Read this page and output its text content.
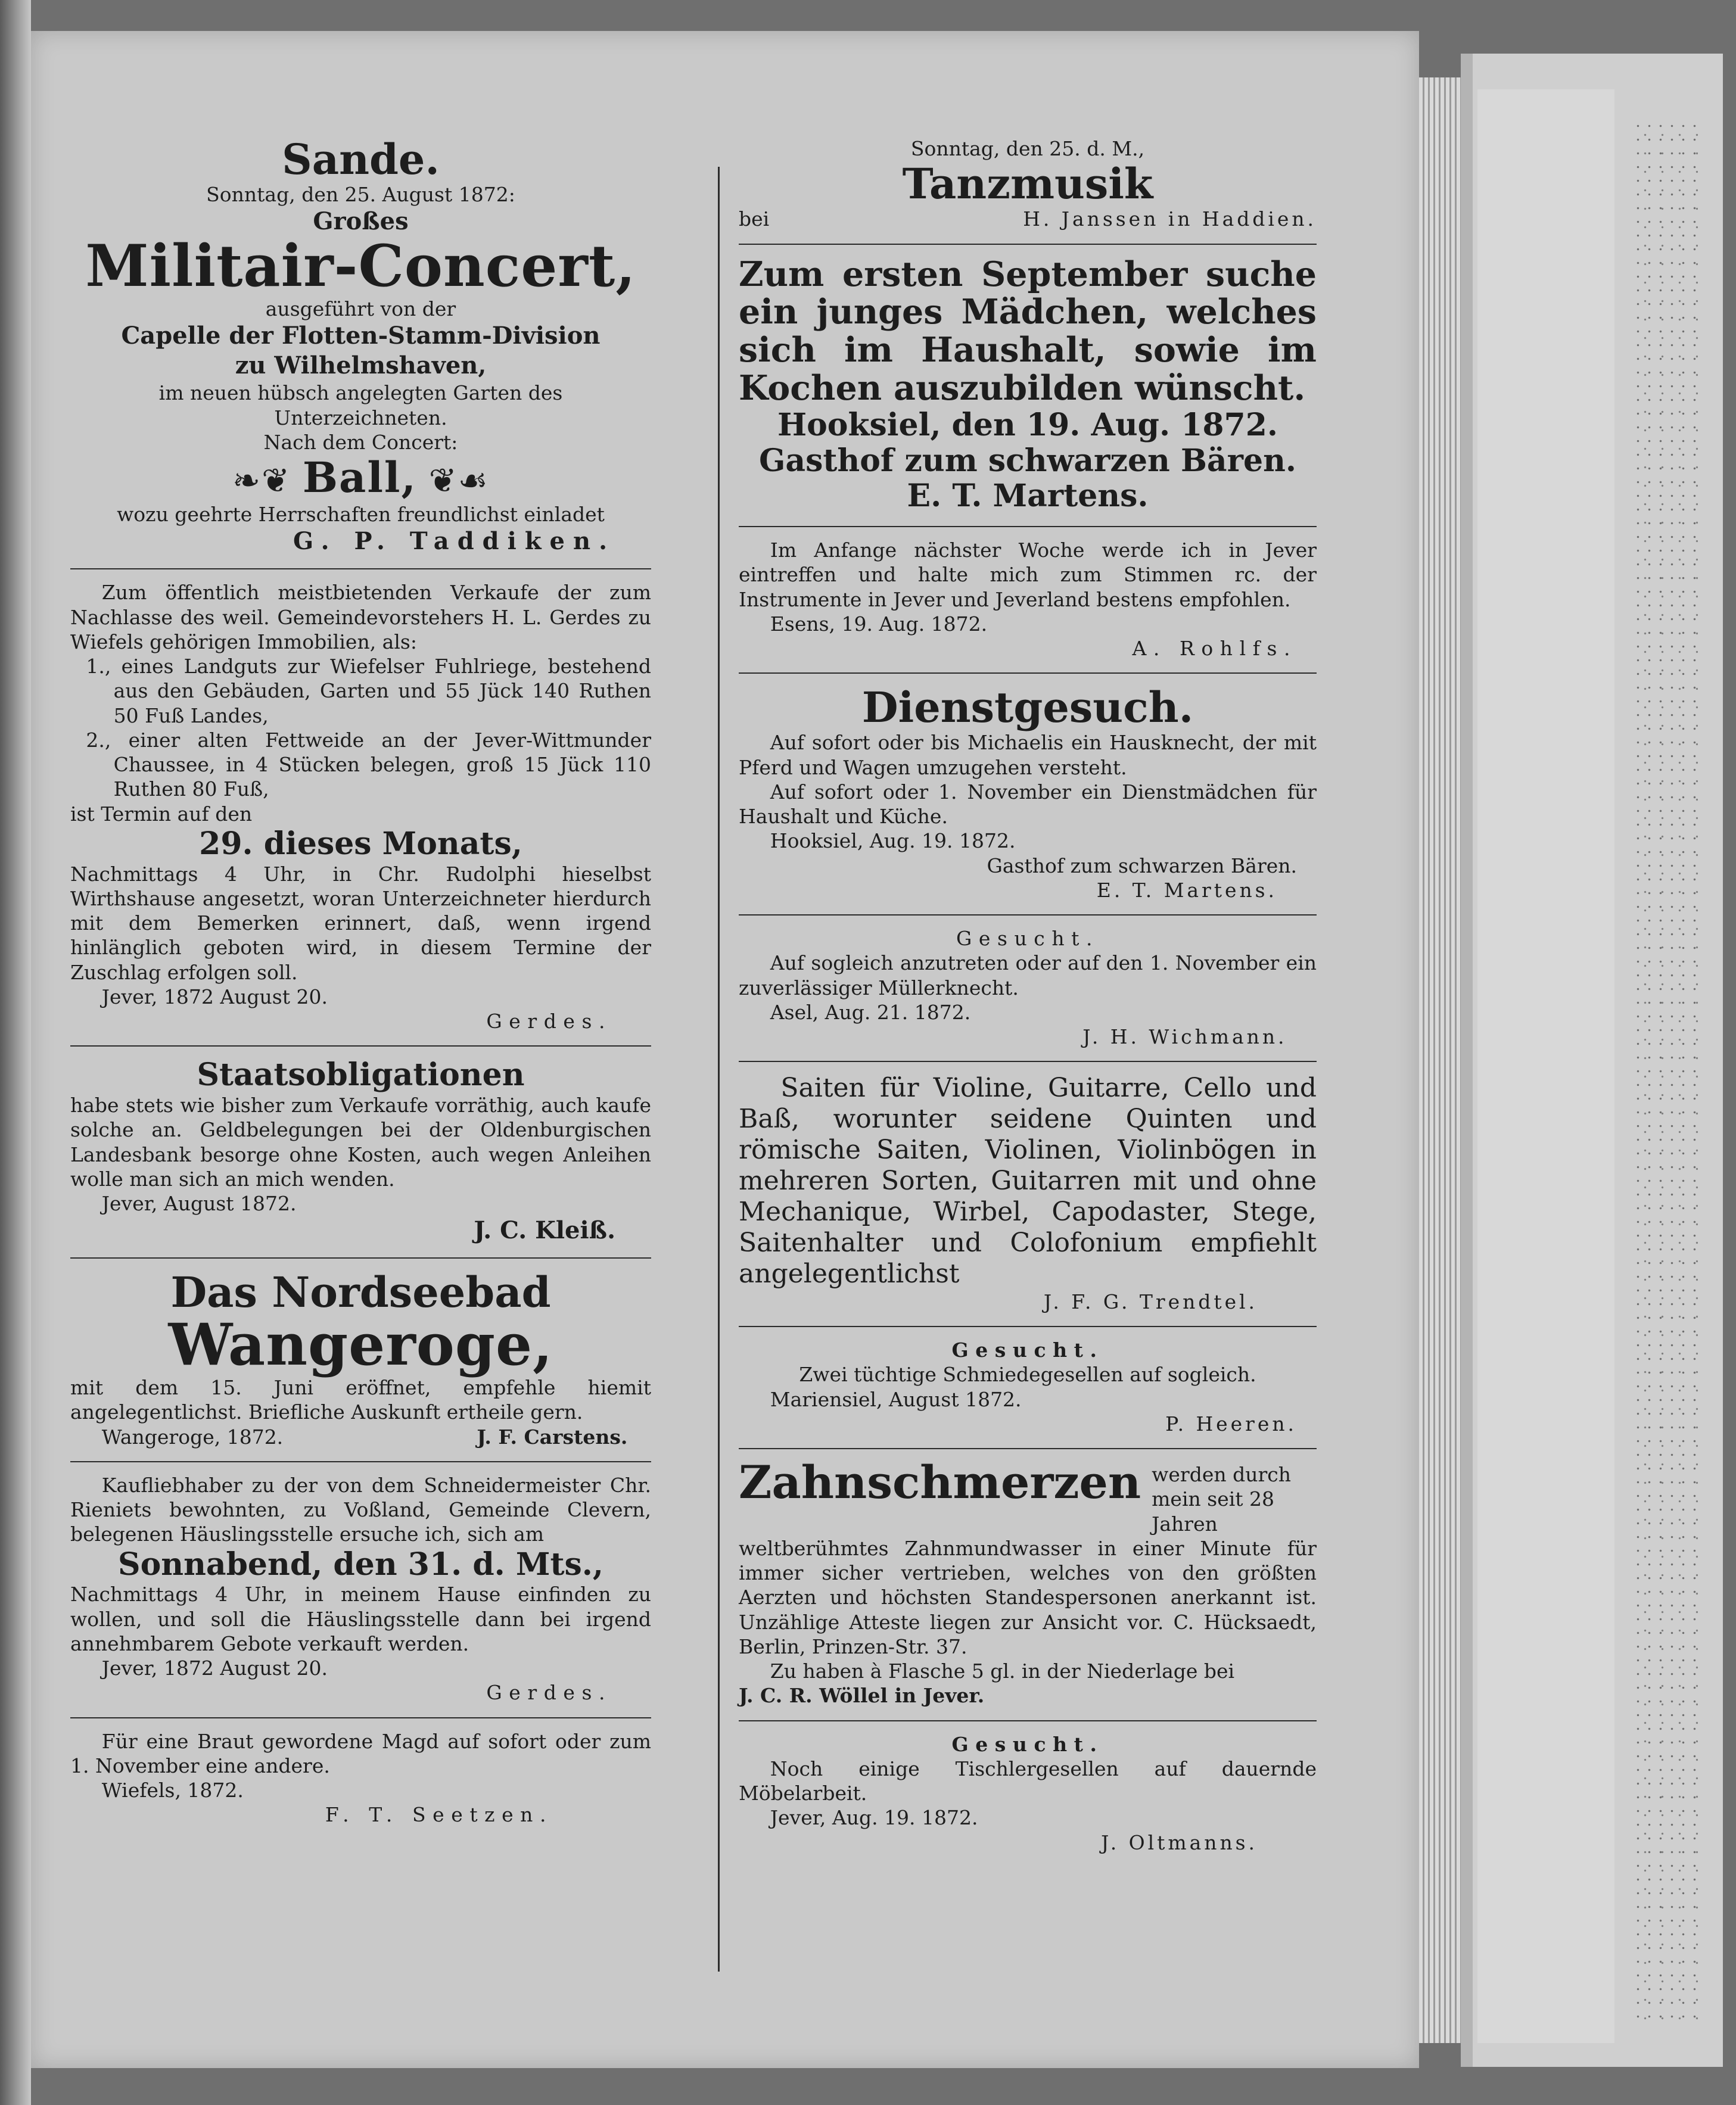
Sande.
Sonntag, den 25. August 1872:
Großes
Militair-Concert,
ausgeführt von der
Capelle der Flotten-Stamm-Division
zu Wilhelmshaven,
im neuen hübsch angelegten Garten des
Unterzeichneten.
Nach dem Concert:
❧❦ Ball, ❦☙
wozu geehrte Herrschaften freundlichst einladet
G. P. Taddiken.
Zum öffentlich meistbietenden Verkaufe der zum Nachlasse des weil. Gemeindevorstehers H. L. Gerdes zu Wiefels gehörigen Immobilien, als:
1., eines Landguts zur Wiefelser Fuhlriege, bestehend aus den Gebäuden, Garten und 55 Jück 140 Ruthen 50 Fuß Landes,
2., einer alten Fettweide an der Jever-Wittmunder Chaussee, in 4 Stücken belegen, groß 15 Jück 110 Ruthen 80 Fuß,
ist Termin auf den
29. dieses Monats,
Nachmittags 4 Uhr, in Chr. Rudolphi hieselbst Wirthshause angesetzt, woran Unterzeichneter hierdurch mit dem Bemerken erinnert, daß, wenn irgend hinlänglich geboten wird, in diesem Termine der Zuschlag erfolgen soll.
Jever, 1872 August 20.
Gerdes.
Staatsobligationen
habe stets wie bisher zum Verkaufe vorräthig, auch kaufe solche an. Geldbelegungen bei der Oldenburgischen Landesbank besorge ohne Kosten, auch wegen Anleihen wolle man sich an mich wenden.
Jever, August 1872.
J. C. Kleiß.
Das Nordseebad
Wangeroge,
mit dem 15. Juni eröffnet, empfehle hiemit angelegentlichst. Briefliche Auskunft ertheile gern.
Wangeroge, 1872.	J. F. Carstens.
Kaufliebhaber zu der von dem Schneidermeister Chr. Rieniets bewohnten, zu Voßland, Gemeinde Clevern, belegenen Häuslingsstelle ersuche ich, sich am
Sonnabend, den 31. d. Mts.,
Nachmittags 4 Uhr, in meinem Hause einfinden zu wollen, und soll die Häuslingsstelle dann bei irgend annehmbarem Gebote verkauft werden.
Jever, 1872 August 20.
Gerdes.
Für eine Braut gewordene Magd auf sofort oder zum 1. November eine andere.
Wiefels, 1872.
F. T. Seetzen.
Sonntag, den 25. d. M.,
Tanzmusik
bei	H. Janssen in Haddien.
Zum ersten September suche ein junges Mädchen, welches sich im Haushalt, sowie im Kochen auszubilden wünscht.
Hooksiel, den 19. Aug. 1872.
Gasthof zum schwarzen Bären.
E. T. Martens.
Im Anfange nächster Woche werde ich in Jever eintreffen und halte mich zum Stimmen rc. der Instrumente in Jever und Jeverland bestens empfohlen.
Esens, 19. Aug. 1872.
A. Rohlfs.
Dienstgesuch.
Auf sofort oder bis Michaelis ein Hausknecht, der mit Pferd und Wagen umzugehen versteht.
Auf sofort oder 1. November ein Dienstmädchen für Haushalt und Küche.
Hooksiel, Aug. 19. 1872.
Gasthof zum schwarzen Bären.
E. T. Martens.
Gesucht.
Auf sogleich anzutreten oder auf den 1. November ein zuverlässiger Müllerknecht.
Asel, Aug. 21. 1872.
J. H. Wichmann.
Saiten für Violine, Guitarre, Cello und Baß, worunter seidene Quinten und römische Saiten, Violinen, Violinbögen in mehreren Sorten, Guitarren mit und ohne Mechanique, Wirbel, Capodaster, Stege, Saitenhalter und Colofonium empfiehlt angelegentlichst
J. F. G. Trendtel.
Gesucht.
Zwei tüchtige Schmiedegesellen auf sogleich.
Mariensiel, August 1872.
P. Heeren.
Zahnschmerzen werden durch mein seit 28 Jahren
weltberühmtes Zahnmundwasser in einer Minute für immer sicher vertrieben, welches von den größten Aerzten und höchsten Standespersonen anerkannt ist. Unzählige Atteste liegen zur Ansicht vor. C. Hücksaedt, Berlin, Prinzen-Str. 37.
Zu haben à Flasche 5 gl. in der Niederlage bei
J. C. R. Wöllel in Jever.
Gesucht.
Noch einige Tischlergesellen auf dauernde Möbelarbeit.
Jever, Aug. 19. 1872.
J. Oltmanns.
